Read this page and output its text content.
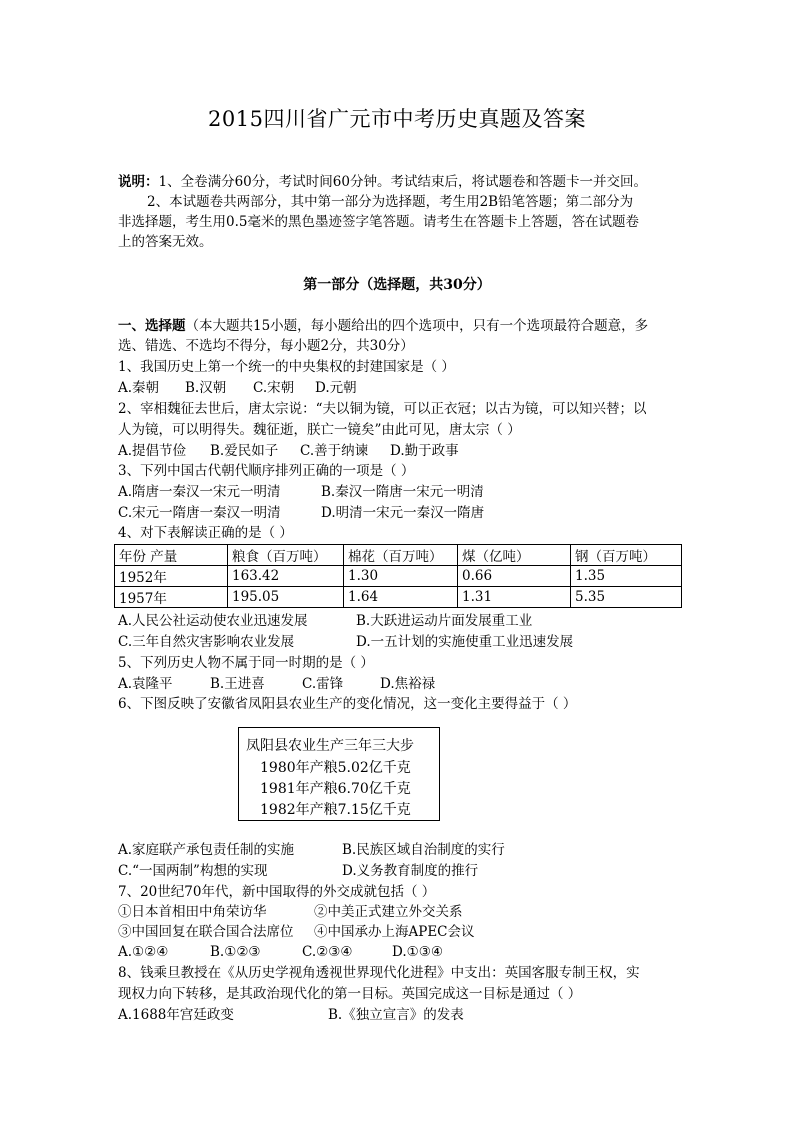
2015四川省广元市中考历史真题及答案
说明：1、全卷满分60分，考试时间60分钟。考试结束后，将试题卷和答题卡一并交回。
2、本试题卷共两部分，其中第一部分为选择题，考生用2B铅笔答题；第二部分为
非选择题，考生用0.5毫米的黑色墨迹签字笔答题。请考生在答题卡上答题，答在试题卷
上的答案无效。
第一部分（选择题，共30分）
一、选择题（本大题共15小题，每小题给出的四个选项中，只有一个选项最符合题意，多
选、错选、不选均不得分，每小题2分，共30分）
1、我国历史上第一个统一的中央集权的封建国家是（ ）
A.秦朝 B.汉朝 C.宋朝 D.元朝
2、宰相魏征去世后，唐太宗说：“夫以铜为镜，可以正衣冠；以古为镜，可以知兴替；以
人为镜，可以明得失。魏征逝，朕亡一镜矣”由此可见，唐太宗（ ）
A.提倡节俭 B.爱民如子 C.善于纳谏 D.勤于政事
3、下列中国古代朝代顺序排列正确的一项是（ ）
A.隋唐一秦汉一宋元一明清	B.秦汉一隋唐一宋元一明清
C.宋元一隋唐一秦汉一明清	D.明清一宋元一秦汉一隋唐
4、对下表解读正确的是（ ）
年份 产量	粮食（百万吨）	棉花（百万吨）	煤（亿吨）	钢（百万吨）
1952年	163.42	1.30	0.66	1.35
1957年	195.05	1.64	1.31	5.35
A.人民公社运动使农业迅速发展	B.大跃进运动片面发展重工业
C.三年自然灾害影响农业发展	D.一五计划的实施使重工业迅速发展
5、下列历史人物不属于同一时期的是（ ）
A.袁隆平	B.王进喜	C.雷锋	D.焦裕禄
6、下图反映了安徽省凤阳县农业生产的变化情况，这一变化主要得益于（ ）
凤阳县农业生产三年三大步
1980年产粮5.02亿千克
1981年产粮6.70亿千克
1982年产粮7.15亿千克
A.家庭联产承包责任制的实施	B.民族区域自治制度的实行
C.“一国两制”构想的实现	D.义务教育制度的推行
7、20世纪70年代，新中国取得的外交成就包括（ ）
①日本首相田中角荣访华	②中美正式建立外交关系
③中国回复在联合国合法席位 ④中国承办上海APEC会议
A.①②④	B.①②③	C.②③④	D.①③④
8、钱乘旦教授在《从历史学视角透视世界现代化进程》中支出：英国客服专制王权，实
现权力向下转移，是其政治现代化的第一目标。英国完成这一目标是通过（ ）
A.1688年宫廷政变	B.《独立宣言》的发表
